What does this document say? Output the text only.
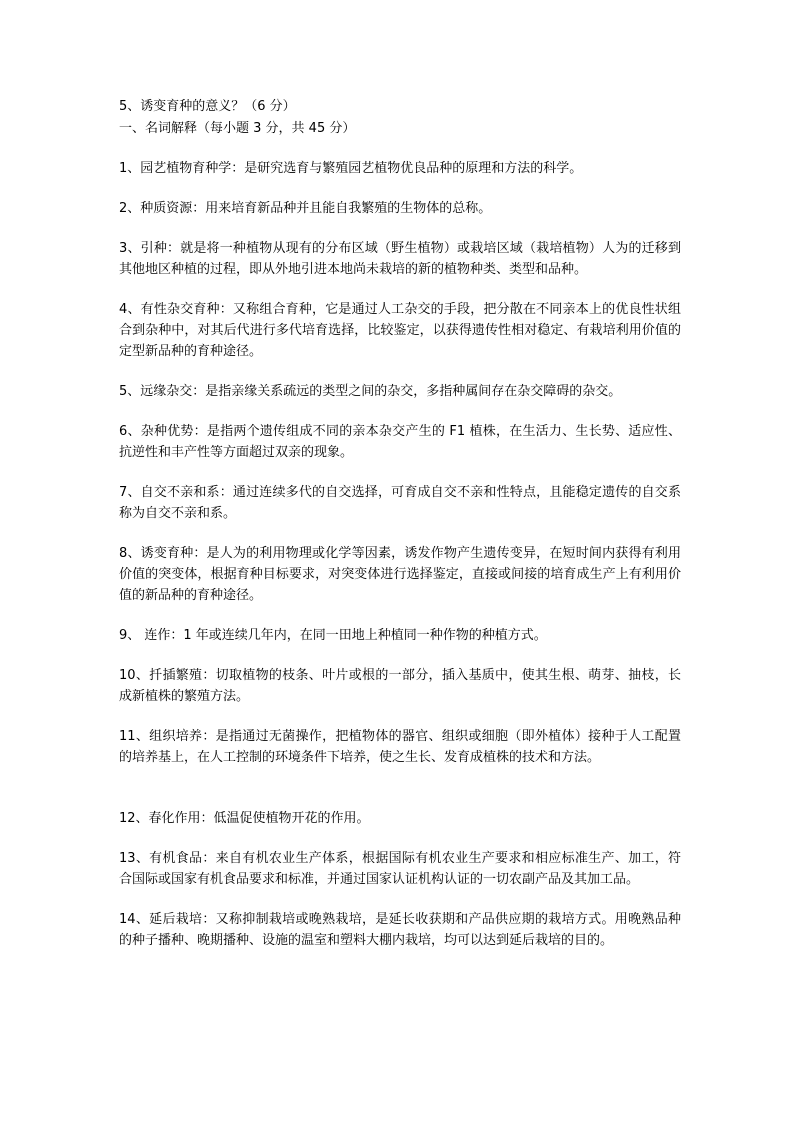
5、诱变育种的意义？（6 分）

一、名词解释（每小题 3 分，共 45 分）

1、园艺植物育种学：是研究选育与繁殖园艺植物优良品种的原理和方法的科学。

2、种质资源：用来培育新品种并且能自我繁殖的生物体的总称。

3、引种：就是将一种植物从现有的分布区域（野生植物）或栽培区域（栽培植物）人为的迁移到其他地区种植的过程，即从外地引进本地尚未栽培的新的植物种类、类型和品种。

4、有性杂交育种：又称组合育种，它是通过人工杂交的手段，把分散在不同亲本上的优良性状组合到杂种中，对其后代进行多代培育选择，比较鉴定，以获得遗传性相对稳定、有栽培利用价值的定型新品种的育种途径。

5、远缘杂交：是指亲缘关系疏远的类型之间的杂交，多指种属间存在杂交障碍的杂交。

6、杂种优势：是指两个遗传组成不同的亲本杂交产生的 F1 植株，在生活力、生长势、适应性、抗逆性和丰产性等方面超过双亲的现象。

7、自交不亲和系：通过连续多代的自交选择，可育成自交不亲和性特点，且能稳定遗传的自交系称为自交不亲和系。

8、诱变育种：是人为的利用物理或化学等因素，诱发作物产生遗传变异，在短时间内获得有利用价值的突变体，根据育种目标要求，对突变体进行选择鉴定，直接或间接的培育成生产上有利用价值的新品种的育种途径。

9、 连作：1 年或连续几年内，在同一田地上种植同一种作物的种植方式。

10、扦插繁殖：切取植物的枝条、叶片或根的一部分，插入基质中，使其生根、萌芽、抽枝，长成新植株的繁殖方法。

11、组织培养：是指通过无菌操作，把植物体的器官、组织或细胞（即外植体）接种于人工配置的培养基上，在人工控制的环境条件下培养，使之生长、发育成植株的技术和方法。

12、春化作用：低温促使植物开花的作用。

13、有机食品：来自有机农业生产体系，根据国际有机农业生产要求和相应标准生产、加工，符合国际或国家有机食品要求和标准，并通过国家认证机构认证的一切农副产品及其加工品。

14、延后栽培：又称抑制栽培或晚熟栽培，是延长收获期和产品供应期的栽培方式。用晚熟品种的种子播种、晚期播种、设施的温室和塑料大棚内栽培，均可以达到延后栽培的目的。
